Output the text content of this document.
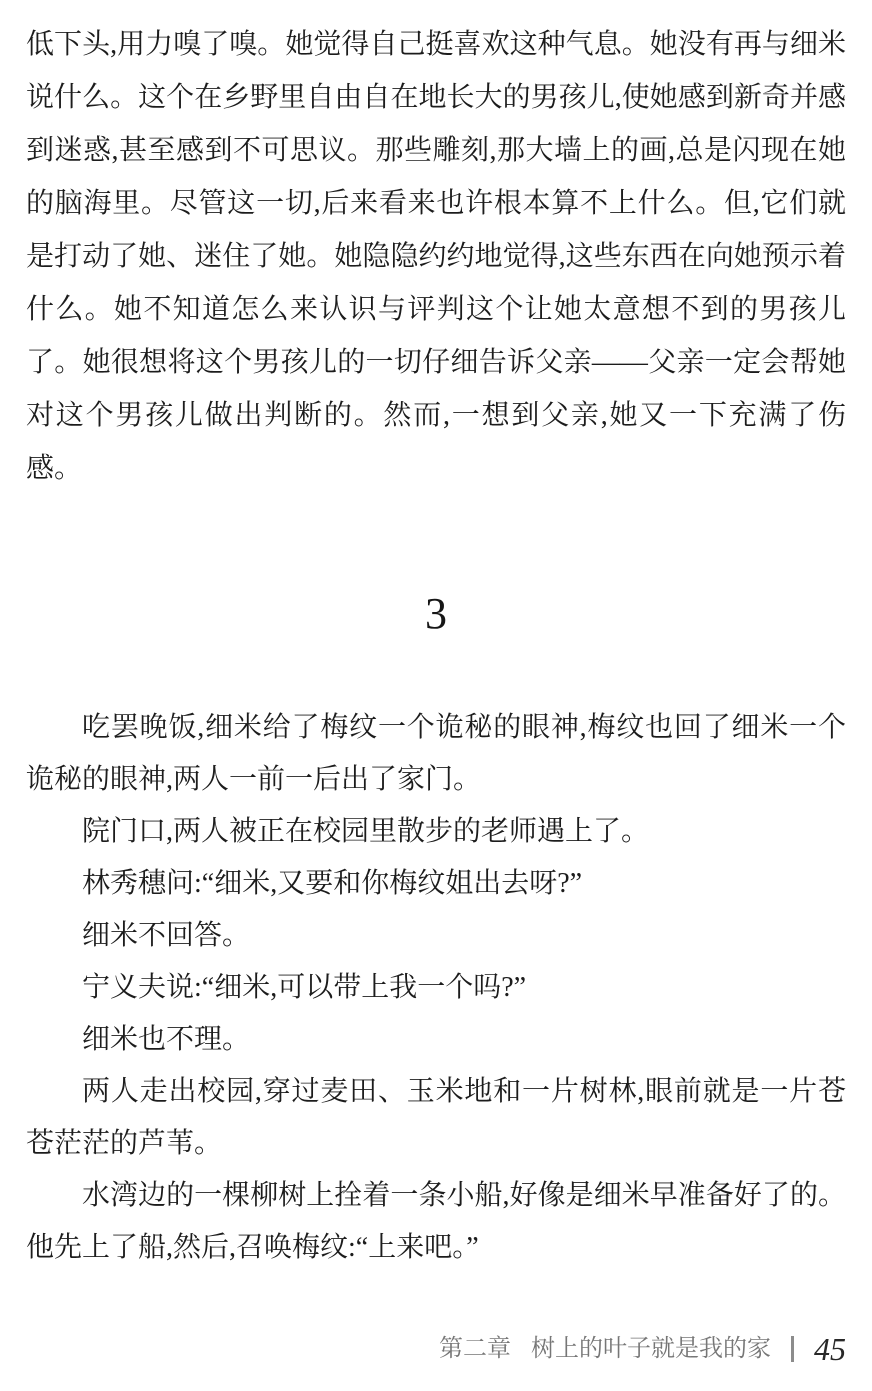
低下头,用力嗅了嗅。她觉得自己挺喜欢这种气息。她没有再与细米说什么。这个在乡野里自由自在地长大的男孩儿,使她感到新奇并感到迷惑,甚至感到不可思议。那些雕刻,那大墙上的画,总是闪现在她的脑海里。尽管这一切,后来看来也许根本算不上什么。但,它们就是打动了她、迷住了她。她隐隐约约地觉得,这些东西在向她预示着什么。她不知道怎么来认识与评判这个让她太意想不到的男孩儿了。她很想将这个男孩儿的一切仔细告诉父亲——父亲一定会帮她对这个男孩儿做出判断的。然而,一想到父亲,她又一下充满了伤感。

3

吃罢晚饭,细米给了梅纹一个诡秘的眼神,梅纹也回了细米一个诡秘的眼神,两人一前一后出了家门。

院门口,两人被正在校园里散步的老师遇上了。

林秀穗问:“细米,又要和你梅纹姐出去呀?”

细米不回答。

宁义夫说:“细米,可以带上我一个吗?”

细米也不理。

两人走出校园,穿过麦田、玉米地和一片树林,眼前就是一片苍苍茫茫的芦苇。

水湾边的一棵柳树上拴着一条小船,好像是细米早准备好了的。他先上了船,然后,召唤梅纹:“上来吧。”

第二章 树上的叶子就是我的家 45
